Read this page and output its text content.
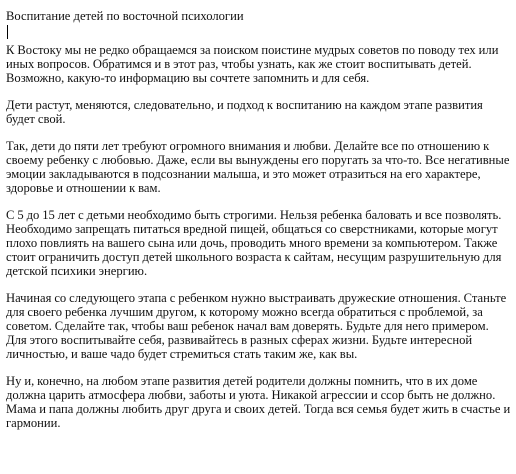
Воспитание детей по восточной психологии

К Востоку мы не редко обращаемся за поиском поистине мудрых советов по поводу тех или иных вопросов. Обратимся и в этот раз, чтобы узнать, как же стоит воспитывать детей. Возможно, какую-то информацию вы сочтете запомнить и для себя.

Дети растут, меняются, следовательно, и подход к воспитанию на каждом этапе развития будет свой.

Так, дети до пяти лет требуют огромного внимания и любви. Делайте все по отношению к своему ребенку с любовью. Даже, если вы вынуждены его поругать за что-то. Все негативные эмоции закладываются в подсознании малыша, и это может отразиться на его характере, здоровье и отношении к вам.

С 5 до 15 лет с детьми необходимо быть строгими. Нельзя ребенка баловать и все позволять. Необходимо запрещать питаться вредной пищей, общаться со сверстниками, которые могут плохо повлиять на вашего сына или дочь, проводить много времени за компьютером. Также стоит ограничить доступ детей школьного возраста к сайтам, несущим разрушительную для детской психики энергию.

Начиная со следующего этапа с ребенком нужно выстраивать дружеские отношения. Станьте для своего ребенка лучшим другом, к которому можно всегда обратиться с проблемой, за советом. Сделайте так, чтобы ваш ребенок начал вам доверять. Будьте для него примером. Для этого воспитывайте себя, развивайтесь в разных сферах жизни. Будьте интересной личностью, и ваше чадо будет стремиться стать таким же, как вы.

Ну и, конечно, на любом этапе развития детей родители должны помнить, что в их доме должна царить атмосфера любви, заботы и уюта. Никакой агрессии и ссор быть не должно. Мама и папа должны любить друг друга и своих детей. Тогда вся семья будет жить в счастье и гармонии.
